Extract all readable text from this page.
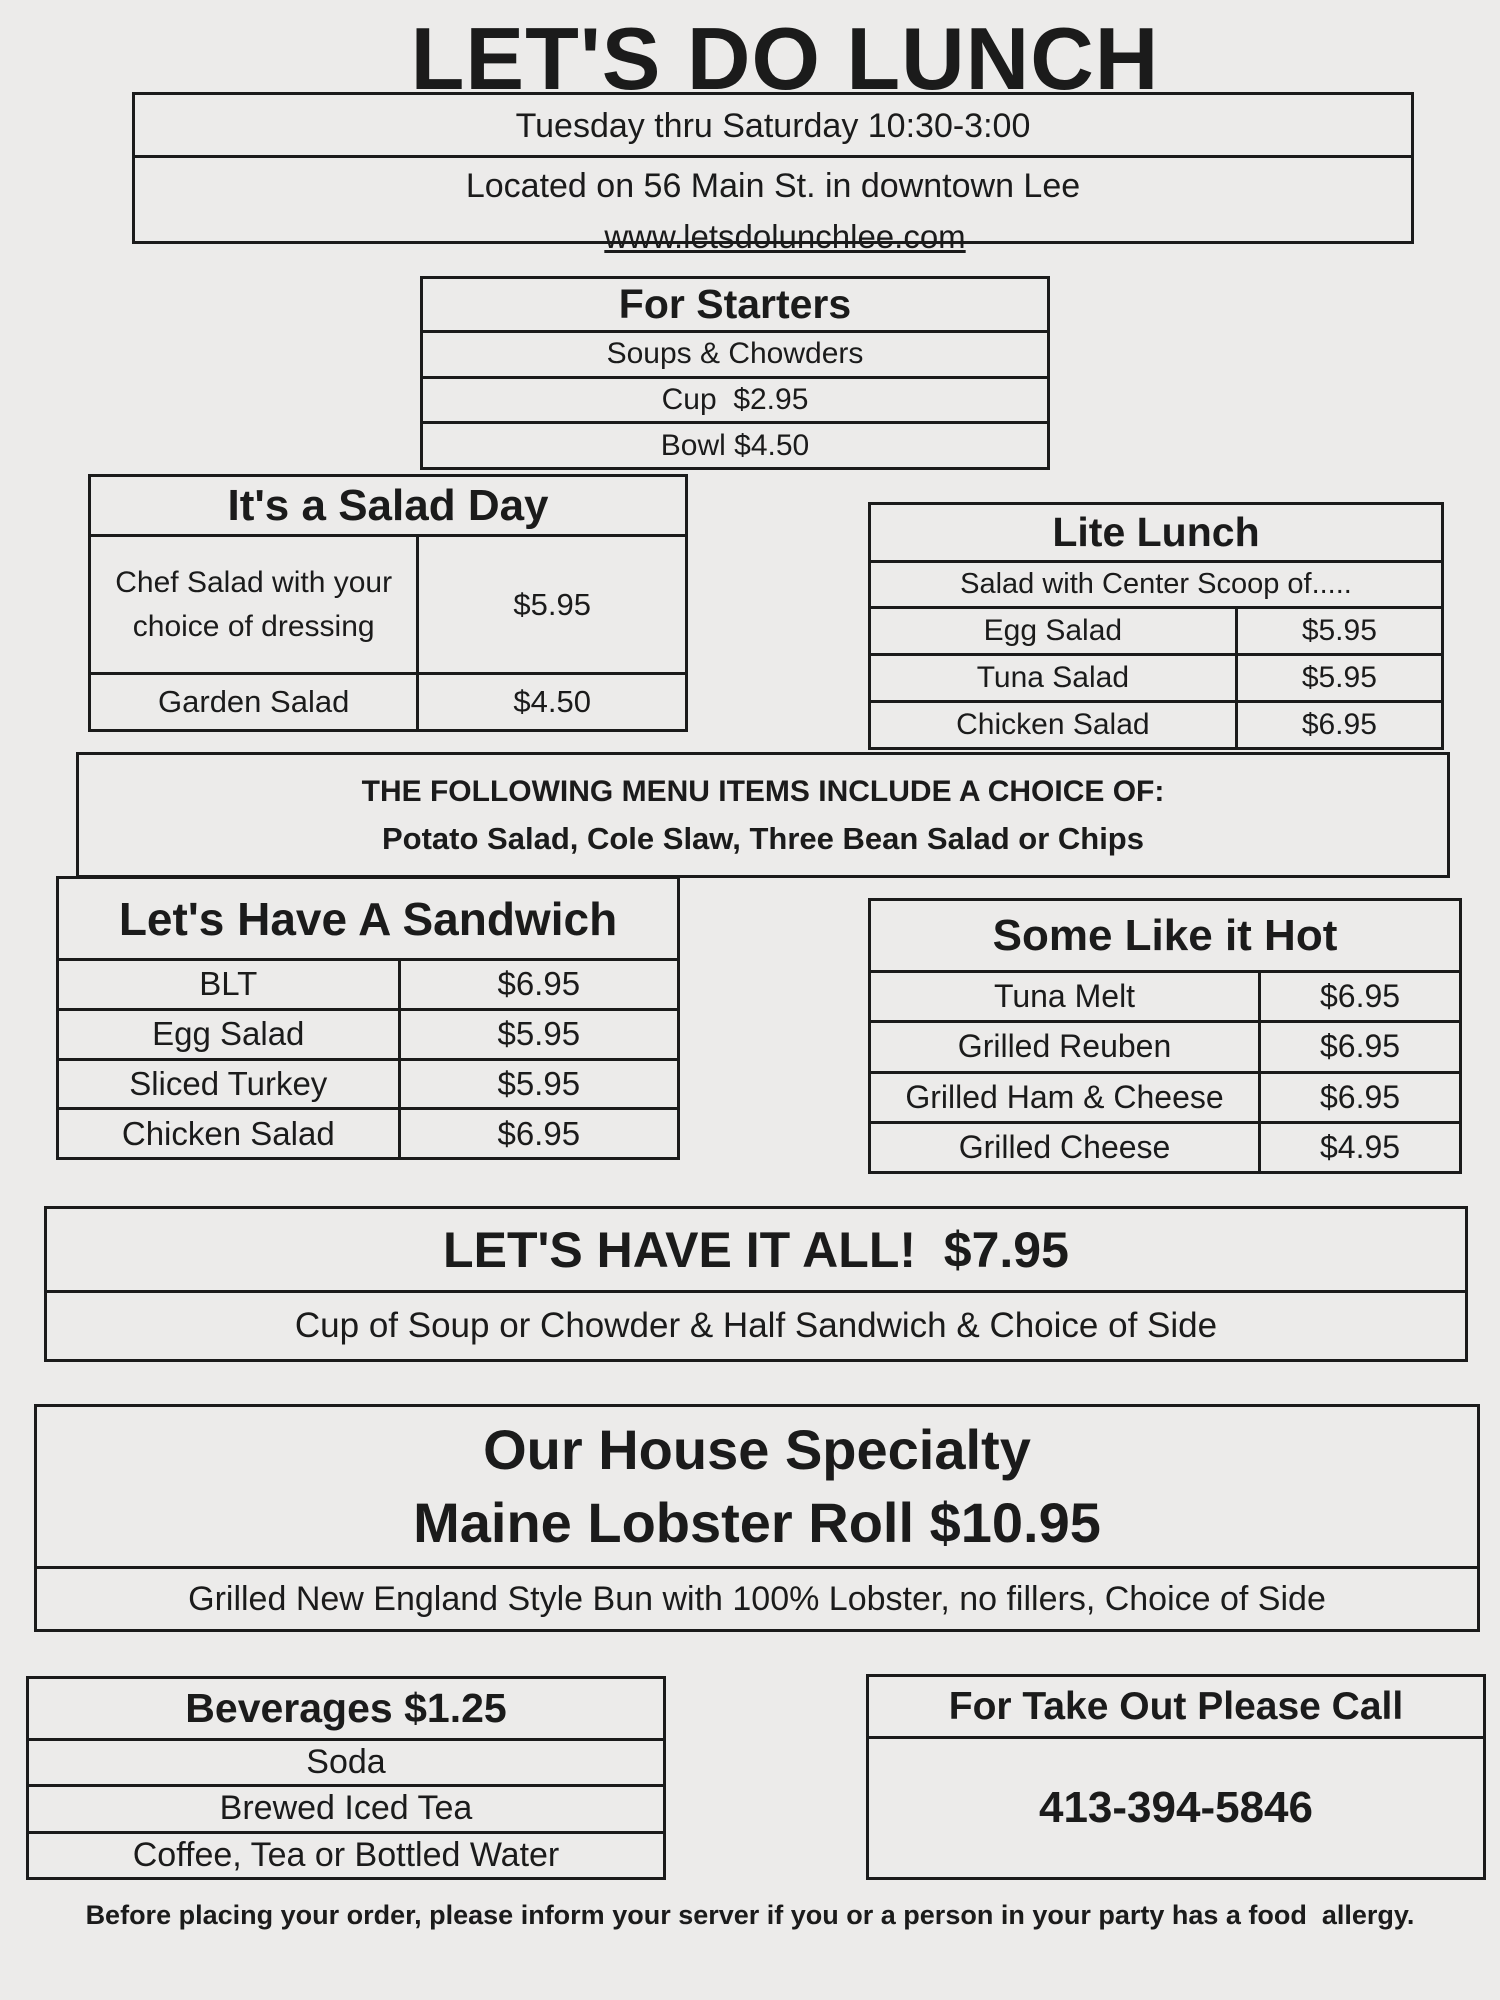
LET'S DO LUNCH
Tuesday thru Saturday 10:30-3:00
Located on 56 Main St. in downtown Lee
www.letsdolunchlee.com
For Starters
Soups & Chowders
Cup  $2.95
Bowl $4.50
It's a Salad Day	
Chef Salad with your choice of dressing	$5.95
Garden Salad	$4.50
Lite Lunch	
Salad with Center Scoop of.....	
Egg Salad	$5.95
Tuna Salad	$5.95
Chicken Salad	$6.95
THE FOLLOWING MENU ITEMS INCLUDE A CHOICE OF:
Potato Salad, Cole Slaw, Three Bean Salad or Chips
Let's Have A Sandwich	
BLT	$6.95
Egg Salad	$5.95
Sliced Turkey	$5.95
Chicken Salad	$6.95
Some Like it Hot	
Tuna Melt	$6.95
Grilled Reuben	$6.95
Grilled Ham & Cheese	$6.95
Grilled Cheese	$4.95
LET'S HAVE IT ALL!  $7.95
Cup of Soup or Chowder & Half Sandwich & Choice of Side
Our House Specialty
Maine Lobster Roll $10.95

Grilled New England Style Bun with 100% Lobster, no fillers, Choice of Side
Beverages $1.25
Soda
Brewed Iced Tea
Coffee, Tea or Bottled Water
For Take Out Please Call
413-394-5846
Before placing your order, please inform your server if you or a person in your party has a food  allergy.
